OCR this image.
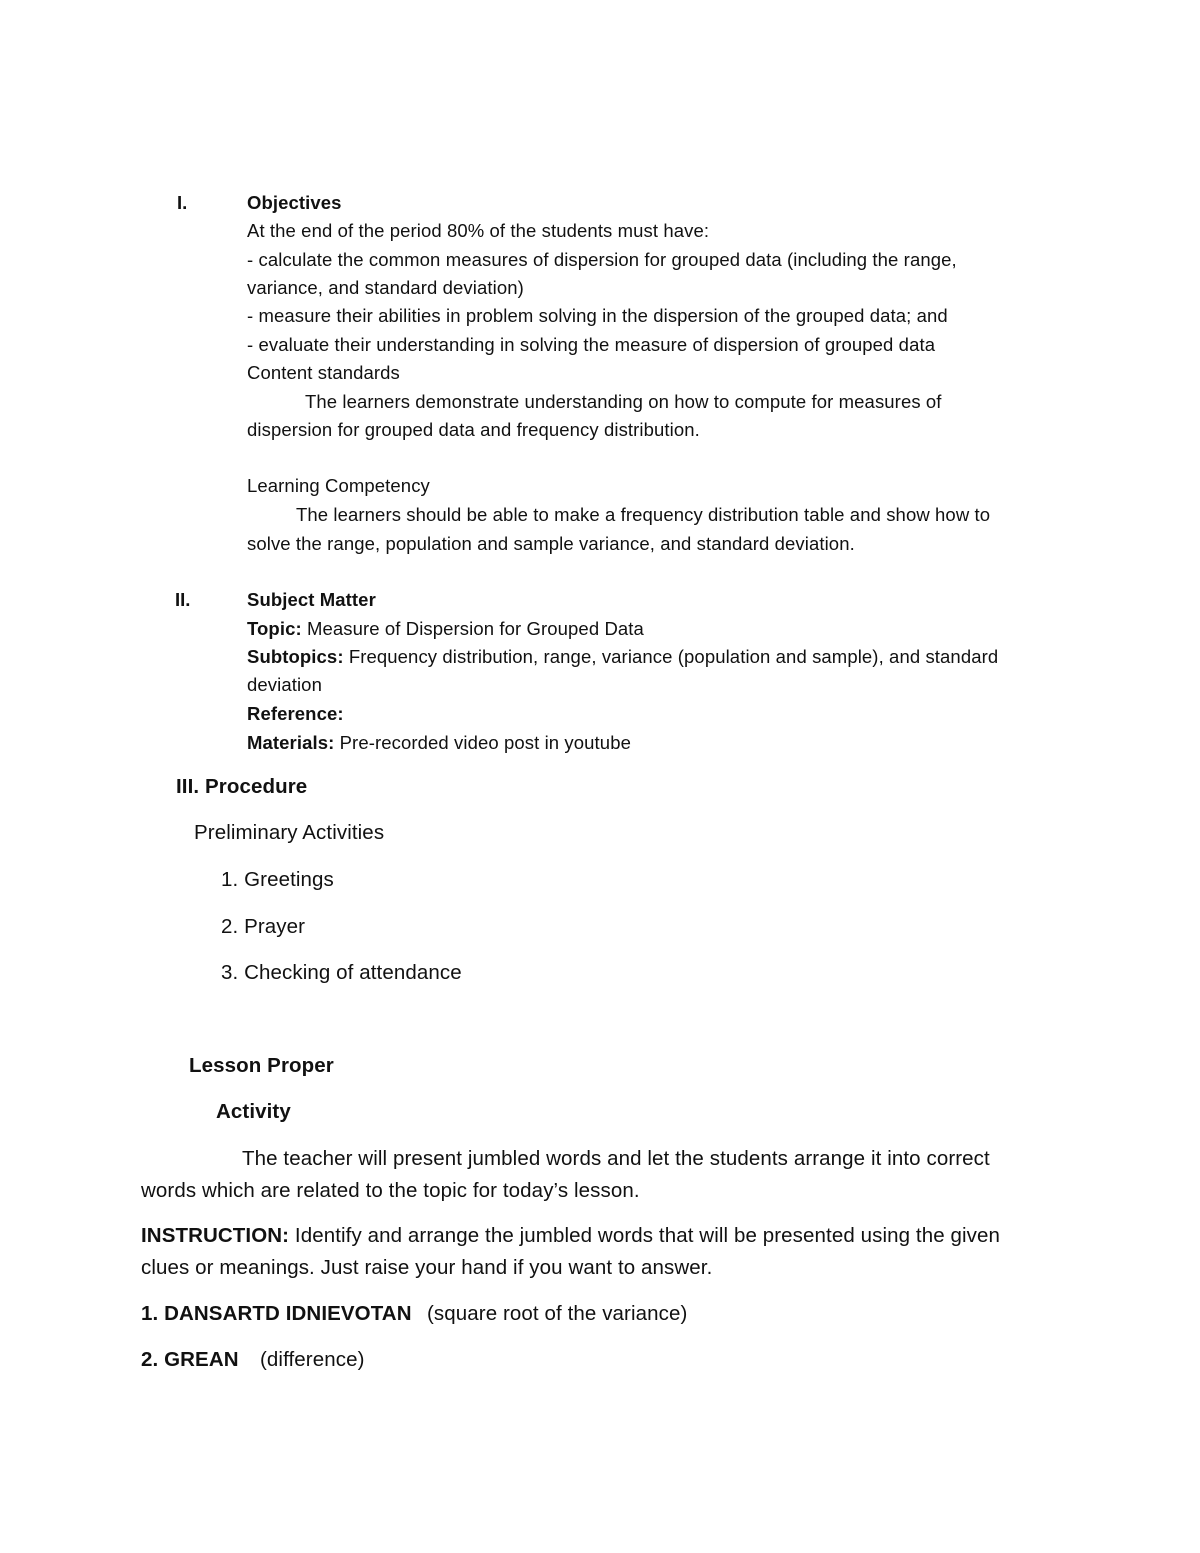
I.	Objectives
At the end of the period 80% of the students must have:
- calculate the common measures of dispersion for grouped data (including the range,
variance, and standard deviation)
- measure their abilities in problem solving in the dispersion of the grouped data; and
- evaluate their understanding in solving the measure of dispersion of grouped data
Content standards
The learners demonstrate understanding on how to compute for measures of
dispersion for grouped data and frequency distribution.
Learning Competency
The learners should be able to make a frequency distribution table and show how to
solve the range, population and sample variance, and standard deviation.
II.	Subject Matter
Topic: Measure of Dispersion for Grouped Data
Subtopics: Frequency distribution, range, variance (population and sample), and standard
deviation
Reference:
Materials: Pre-recorded video post in youtube
III. Procedure
Preliminary Activities
1. Greetings
2. Prayer
3. Checking of attendance
Lesson Proper
Activity
The teacher will present jumbled words and let the students arrange it into correct
words which are related to the topic for today’s lesson.
INSTRUCTION: Identify and arrange the jumbled words that will be presented using the given
clues or meanings. Just raise your hand if you want to answer.
1. DANSARTD IDNIEVOTAN (square root of the variance)
2. GREAN (difference)
